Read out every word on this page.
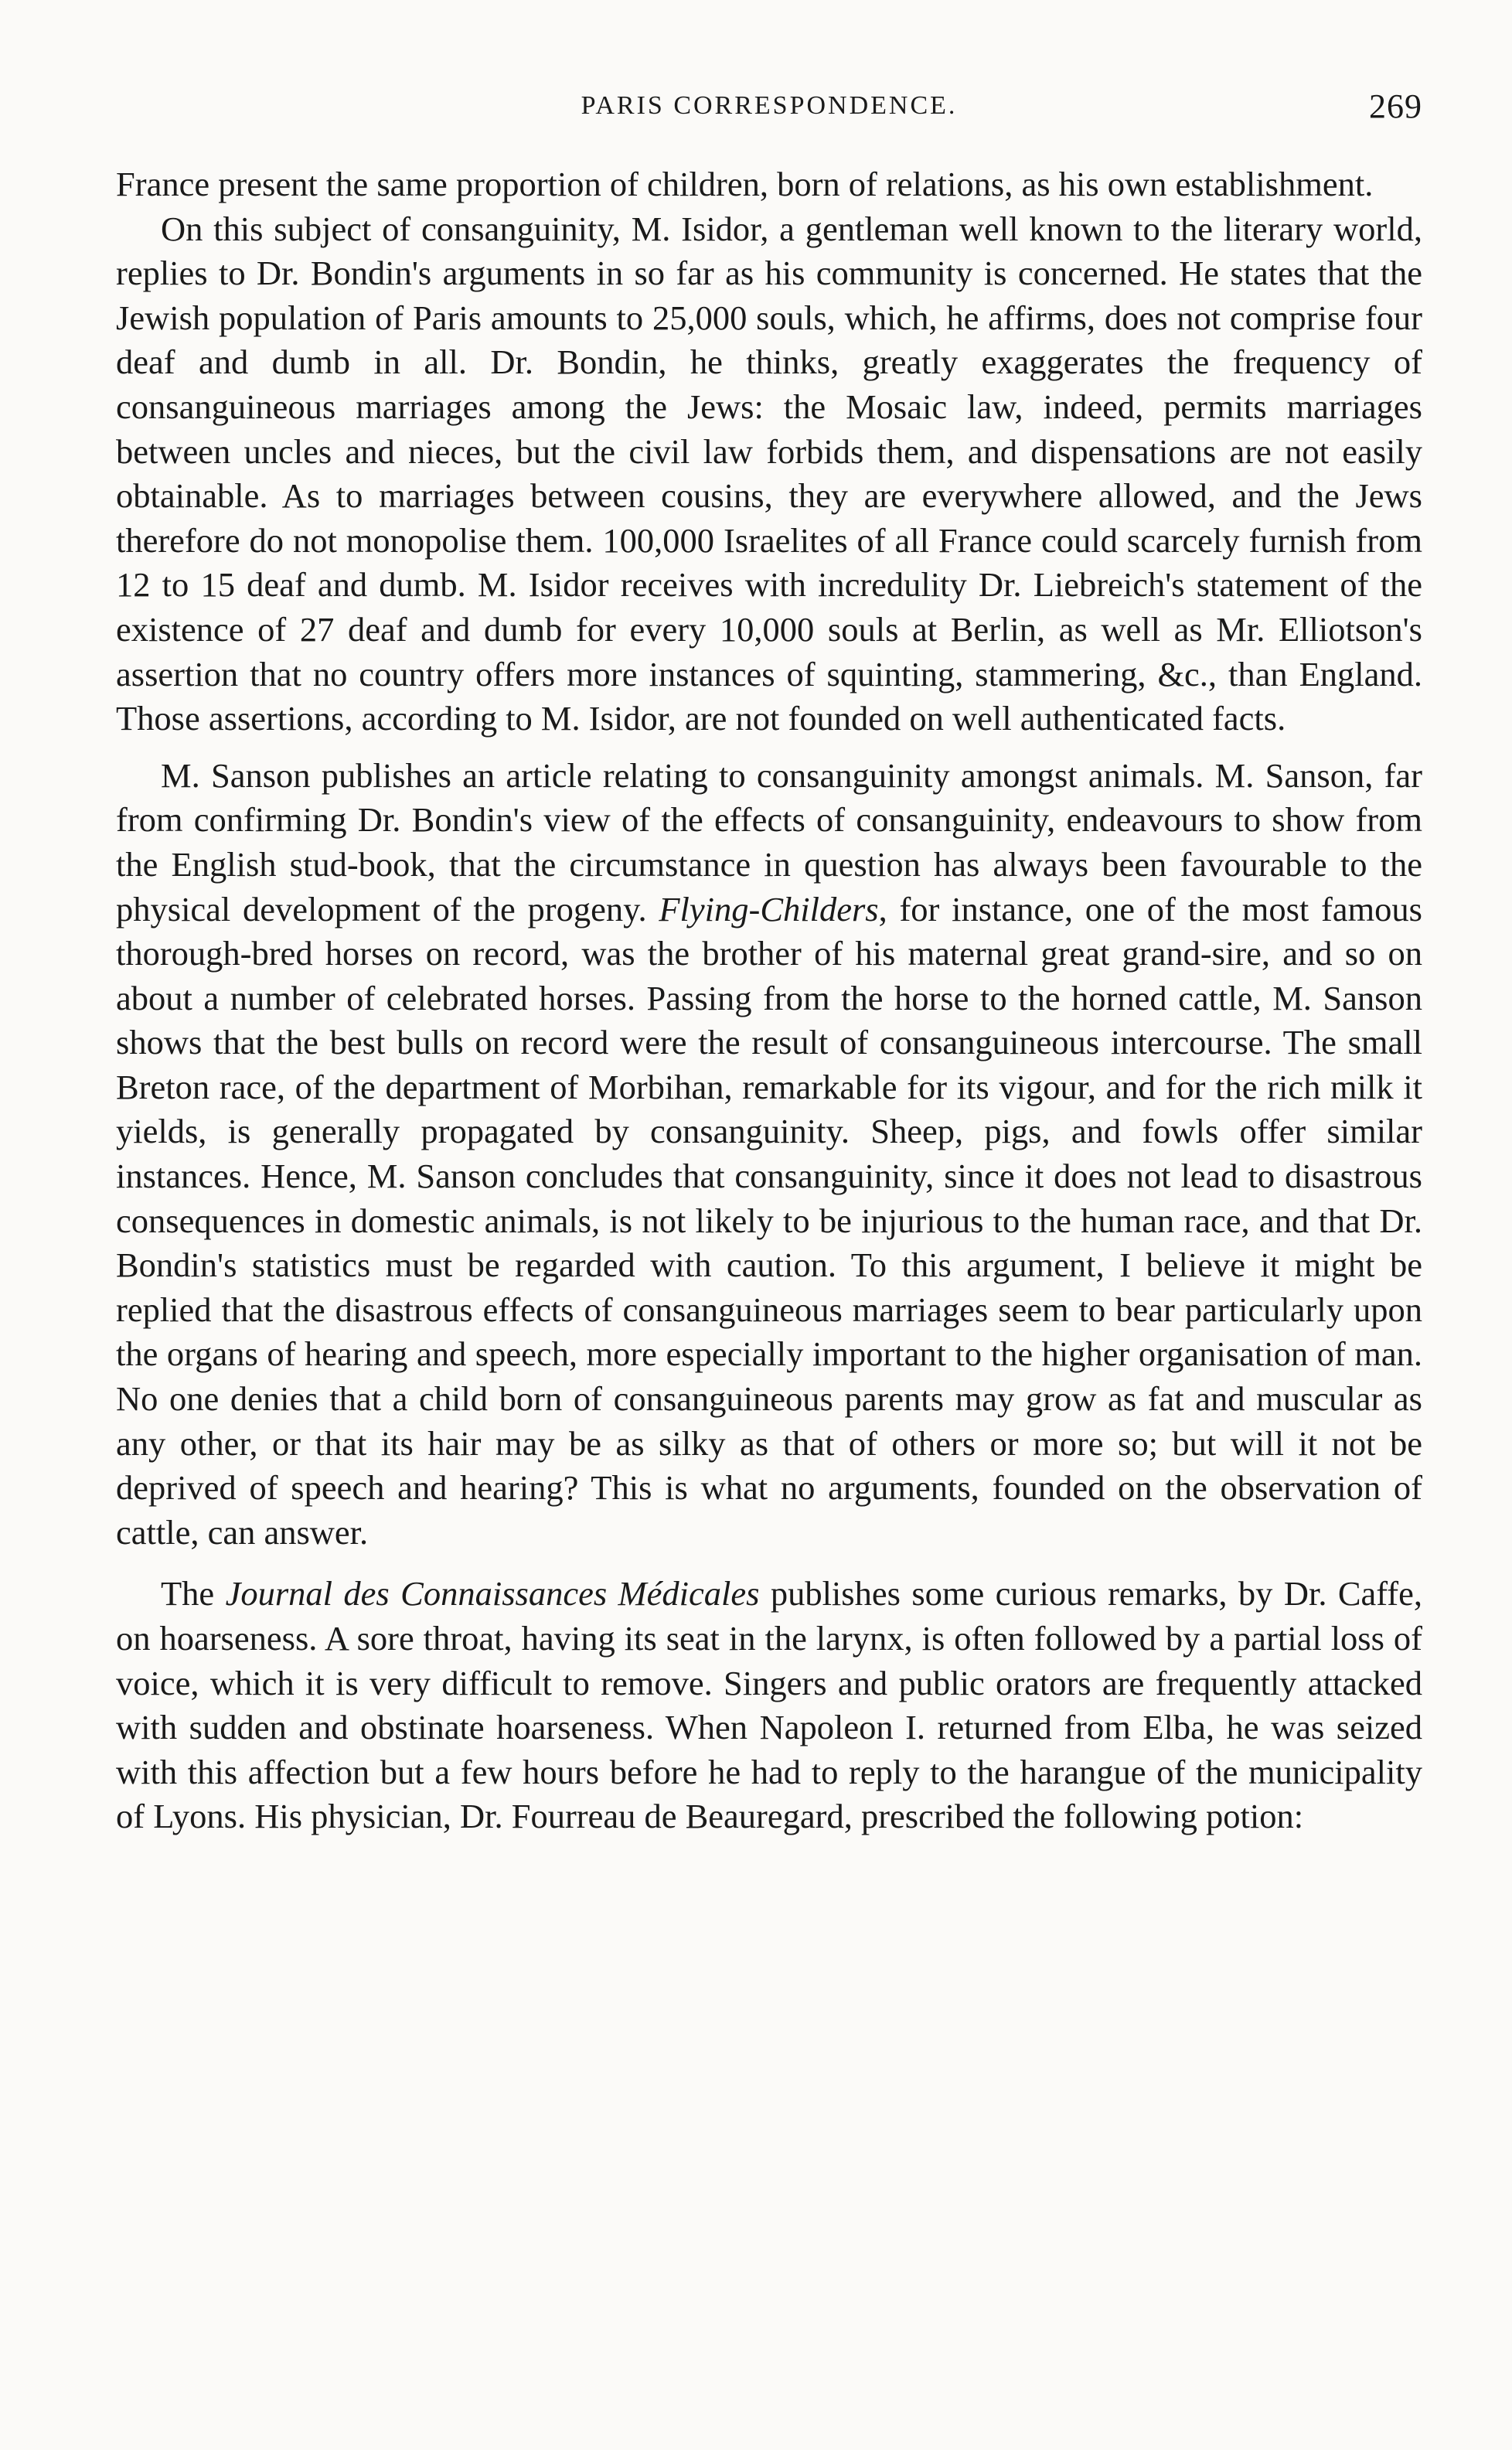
PARIS CORRESPONDENCE.	269

France present the same proportion of children, born of relations, as his own establishment.

On this subject of consanguinity, M. Isidor, a gentleman well known to the literary world, replies to Dr. Bondin's arguments in so far as his community is concerned. He states that the Jewish population of Paris amounts to 25,000 souls, which, he affirms, does not comprise four deaf and dumb in all. Dr. Bondin, he thinks, greatly exaggerates the frequency of consanguineous marriages among the Jews: the Mosaic law, indeed, permits marriages between uncles and nieces, but the civil law forbids them, and dispensations are not easily obtainable. As to marriages between cousins, they are everywhere allowed, and the Jews therefore do not monopolise them. 100,000 Israelites of all France could scarcely furnish from 12 to 15 deaf and dumb. M. Isidor receives with incredulity Dr. Liebreich's statement of the existence of 27 deaf and dumb for every 10,000 souls at Berlin, as well as Mr. Elliotson's assertion that no country offers more instances of squinting, stammering, &c., than England. Those assertions, according to M. Isidor, are not founded on well authenticated facts.

M. Sanson publishes an article relating to consanguinity amongst animals. M. Sanson, far from confirming Dr. Bondin's view of the effects of consanguinity, endeavours to show from the English stud-book, that the circumstance in question has always been favourable to the physical development of the progeny. Flying-Childers, for instance, one of the most famous thorough-bred horses on record, was the brother of his maternal great grand-sire, and so on about a number of celebrated horses. Passing from the horse to the horned cattle, M. Sanson shows that the best bulls on record were the result of consanguineous intercourse. The small Breton race, of the department of Morbihan, remarkable for its vigour, and for the rich milk it yields, is generally propagated by consanguinity. Sheep, pigs, and fowls offer similar instances. Hence, M. Sanson concludes that consanguinity, since it does not lead to disastrous consequences in domestic animals, is not likely to be injurious to the human race, and that Dr. Bondin's statistics must be regarded with caution. To this argument, I believe it might be replied that the disastrous effects of consanguineous marriages seem to bear particularly upon the organs of hearing and speech, more especially important to the higher organisation of man. No one denies that a child born of consanguineous parents may grow as fat and muscular as any other, or that its hair may be as silky as that of others or more so; but will it not be deprived of speech and hearing? This is what no arguments, founded on the observation of cattle, can answer.

The Journal des Connaissances Médicales publishes some curious remarks, by Dr. Caffe, on hoarseness. A sore throat, having its seat in the larynx, is often followed by a partial loss of voice, which it is very difficult to remove. Singers and public orators are frequently attacked with sudden and obstinate hoarseness. When Napoleon I. returned from Elba, he was seized with this affection but a few hours before he had to reply to the harangue of the municipality of Lyons. His physician, Dr. Fourreau de Beauregard, prescribed the following potion:
